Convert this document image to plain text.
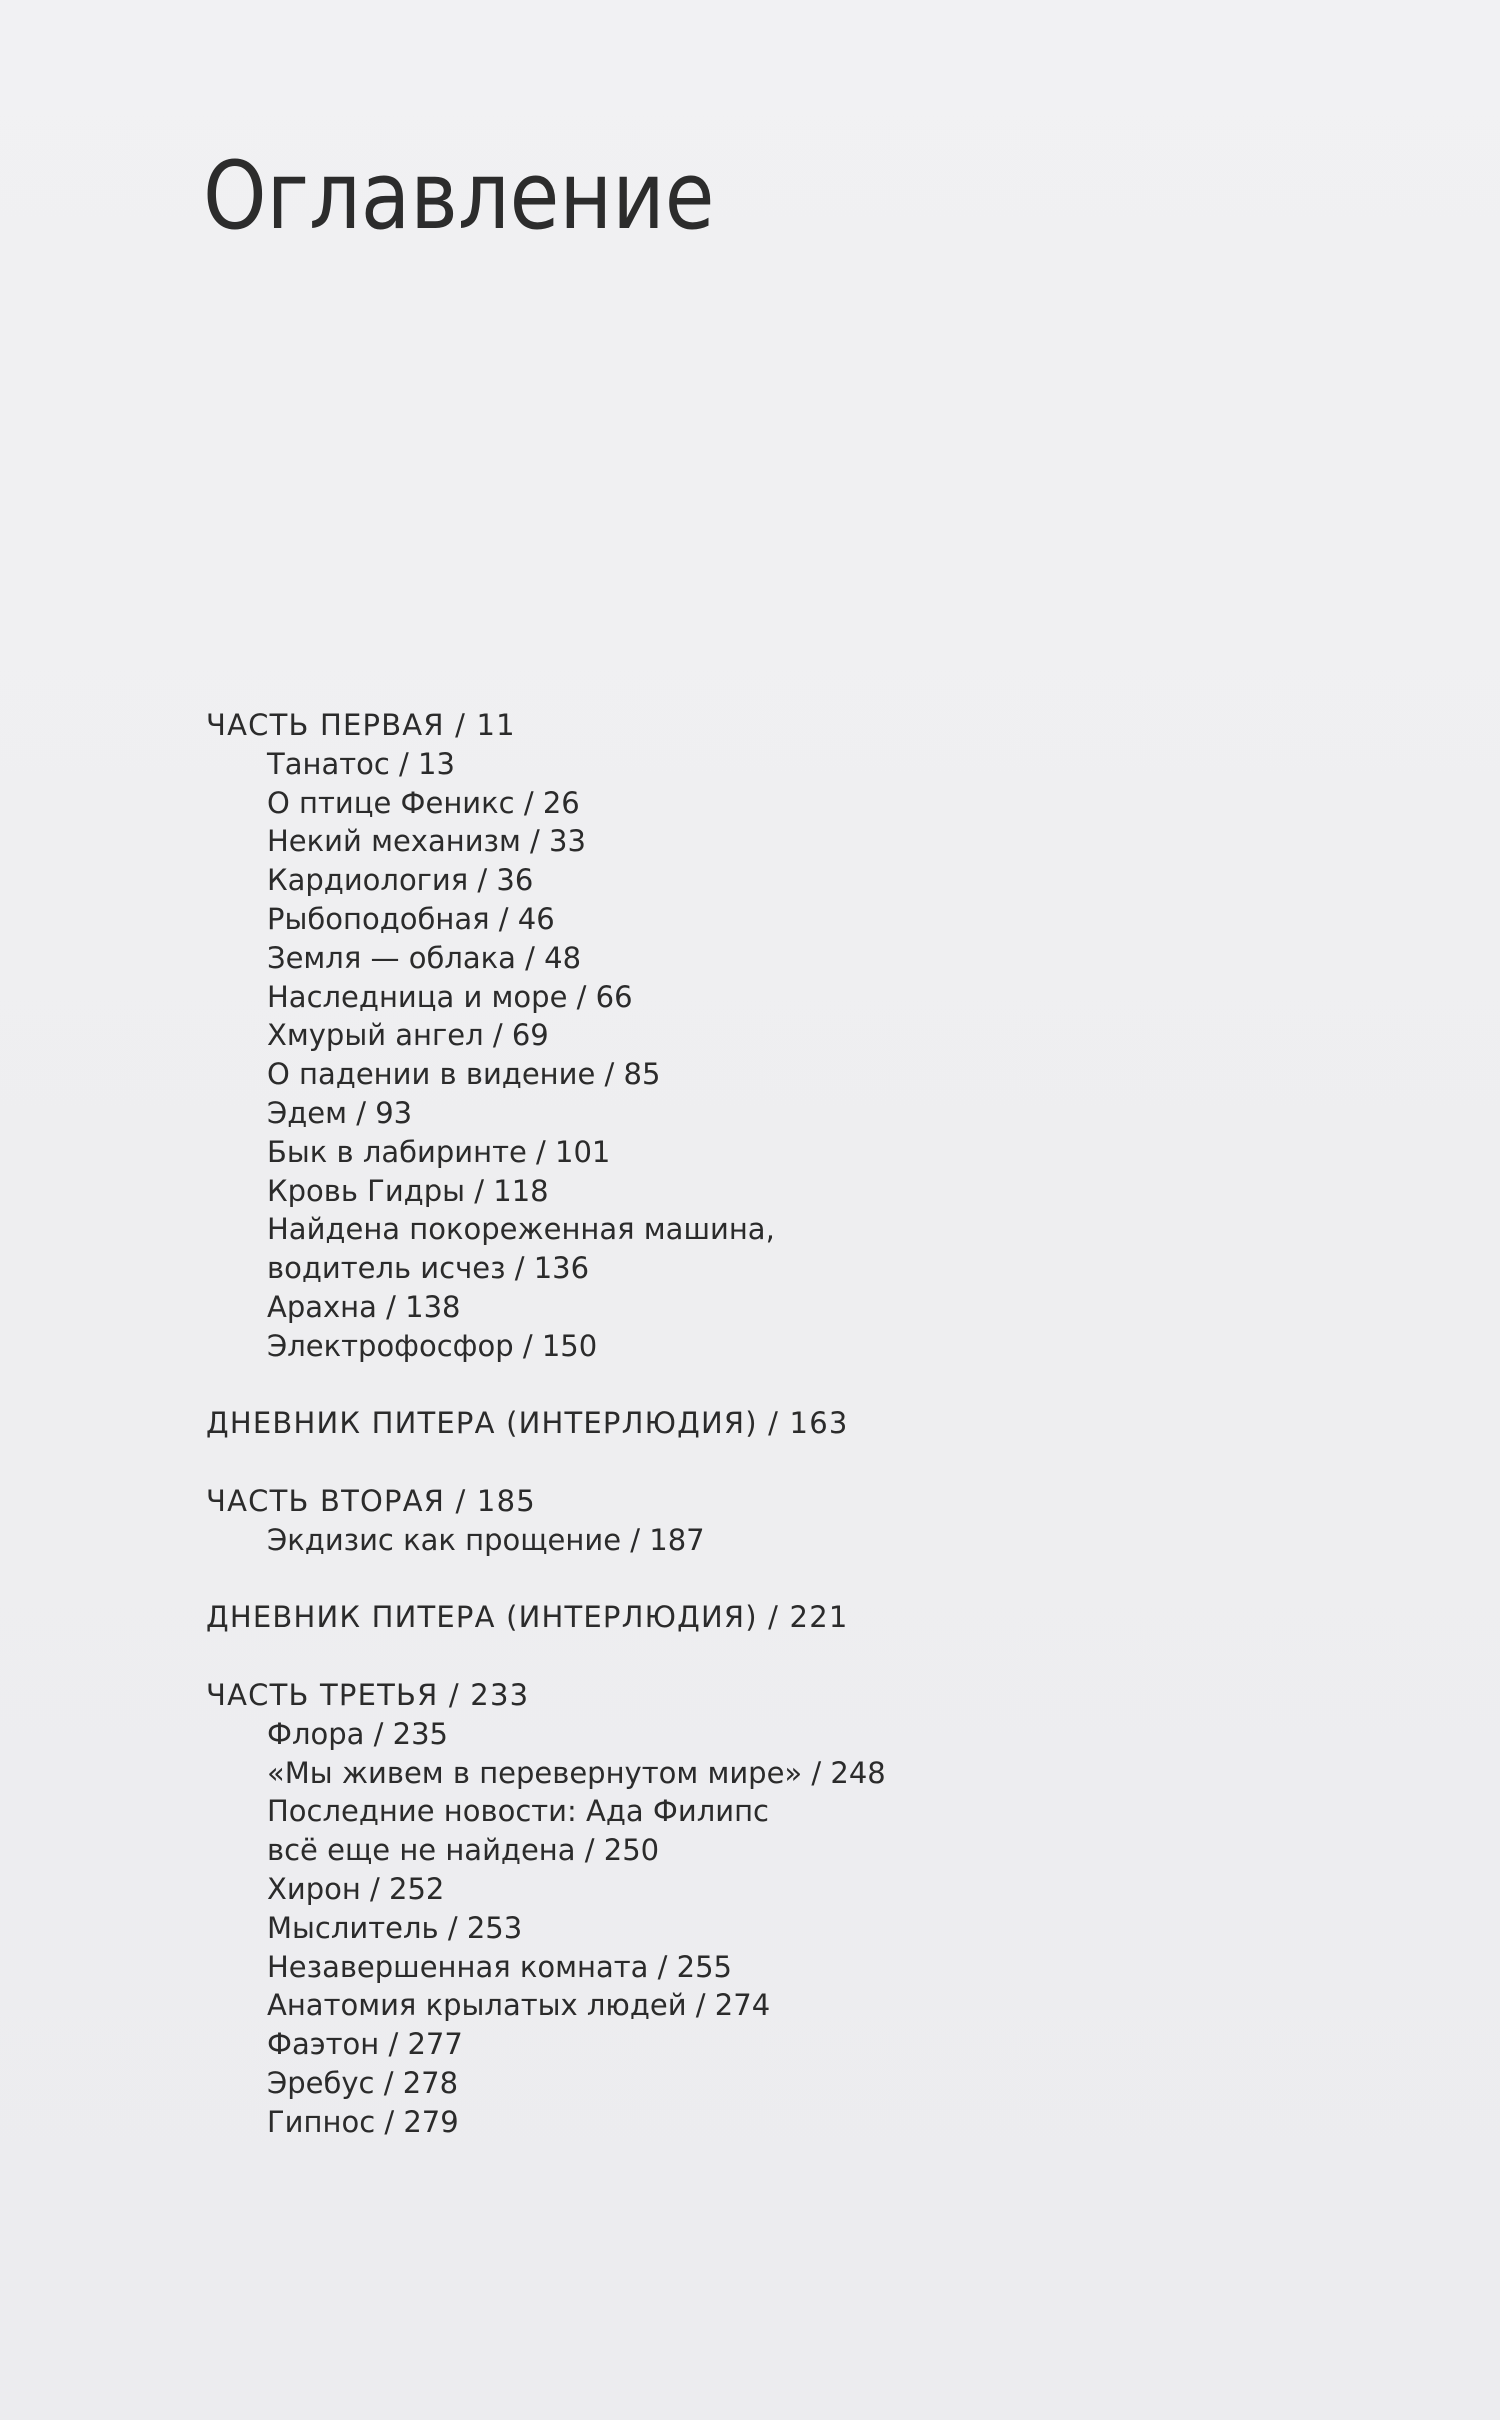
Оглавление
ЧАСТЬ ПЕРВАЯ / 11
Танатос / 13
О птице Феникс / 26
Некий механизм / 33
Кардиология / 36
Рыбоподобная / 46
Земля — облака / 48
Наследница и море / 66
Хмурый ангел / 69
О падении в видение / 85
Эдем / 93
Бык в лабиринте / 101
Кровь Гидры / 118
Найдена покореженная машина,
водитель исчез / 136
Арахна / 138
Электрофосфор / 150
ДНЕВНИК ПИТЕРА (ИНТЕРЛЮДИЯ) / 163
ЧАСТЬ ВТОРАЯ / 185
Экдизис как прощение / 187
ДНЕВНИК ПИТЕРА (ИНТЕРЛЮДИЯ) / 221
ЧАСТЬ ТРЕТЬЯ / 233
Флора / 235
«Мы живем в перевернутом мире» / 248
Последние новости: Ада Филипс
всё еще не найдена / 250
Хирон / 252
Мыслитель / 253
Незавершенная комната / 255
Анатомия крылатых людей / 274
Фаэтон / 277
Эребус / 278
Гипнос / 279
